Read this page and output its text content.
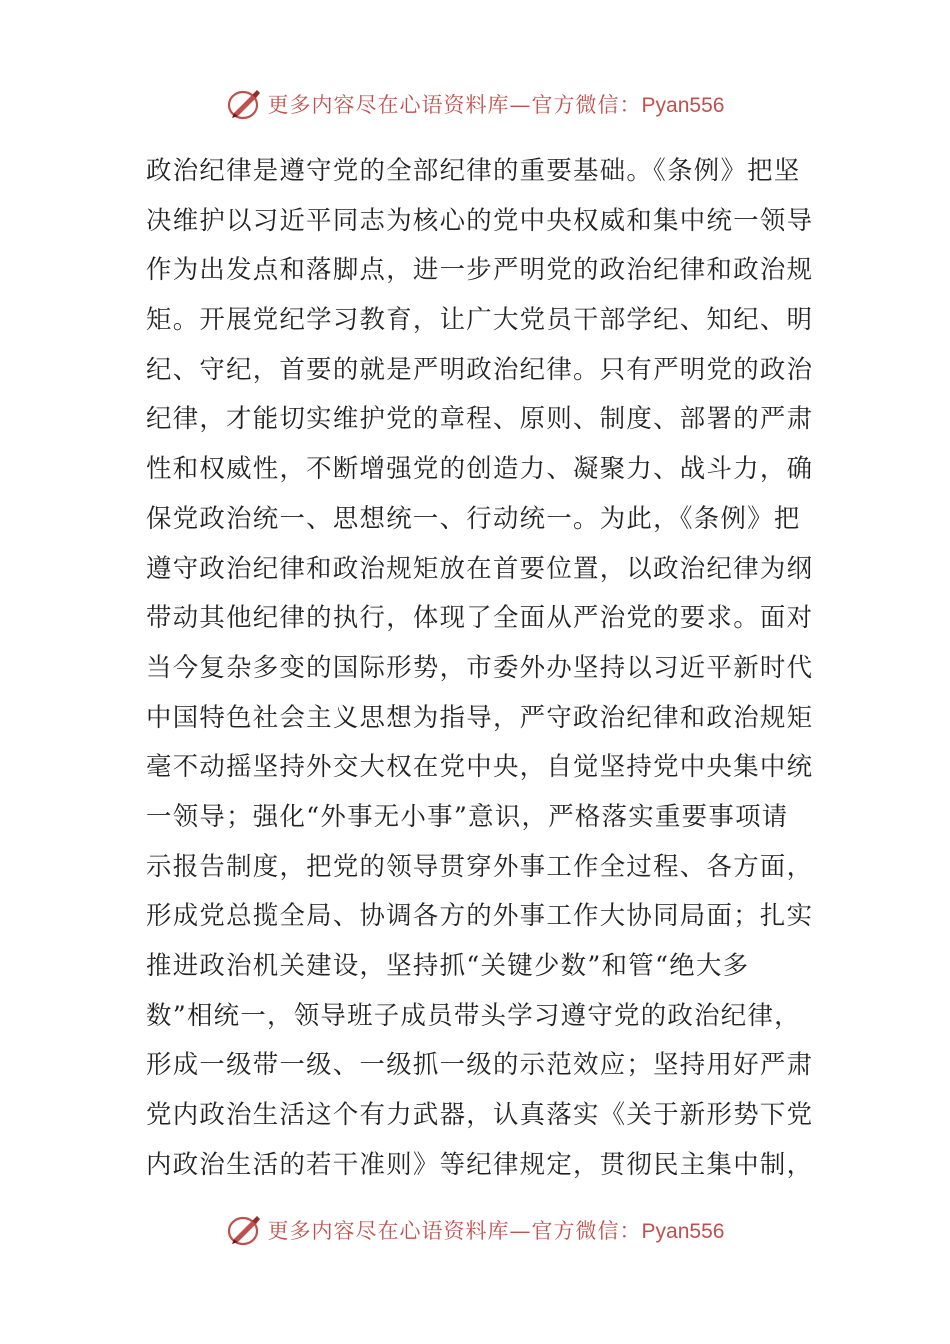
更多内容尽在心语资料库—官方微信：Pyan556
政治纪律是遵守党的全部纪律的重要基础。《条例》把坚
决维护以习近平同志为核心的党中央权威和集中统一领导
作为出发点和落脚点，进一步严明党的政治纪律和政治规
矩。开展党纪学习教育，让广大党员干部学纪、知纪、明
纪、守纪，首要的就是严明政治纪律。只有严明党的政治
纪律，才能切实维护党的章程、原则、制度、部署的严肃
性和权威性，不断增强党的创造力、凝聚力、战斗力，确
保党政治统一、思想统一、行动统一。为此，《条例》把
遵守政治纪律和政治规矩放在首要位置，以政治纪律为纲
带动其他纪律的执行，体现了全面从严治党的要求。面对
当今复杂多变的国际形势，市委外办坚持以习近平新时代
中国特色社会主义思想为指导，严守政治纪律和政治规矩
毫不动摇坚持外交大权在党中央，自觉坚持党中央集中统
一领导；强化“外事无小事”意识，严格落实重要事项请
示报告制度，把党的领导贯穿外事工作全过程、各方面，
形成党总揽全局、协调各方的外事工作大协同局面；扎实
推进政治机关建设，坚持抓“关键少数”和管“绝大多
数”相统一，领导班子成员带头学习遵守党的政治纪律，
形成一级带一级、一级抓一级的示范效应；坚持用好严肃
党内政治生活这个有力武器，认真落实《关于新形势下党
内政治生活的若干准则》等纪律规定，贯彻民主集中制，
更多内容尽在心语资料库—官方微信：Pyan556
